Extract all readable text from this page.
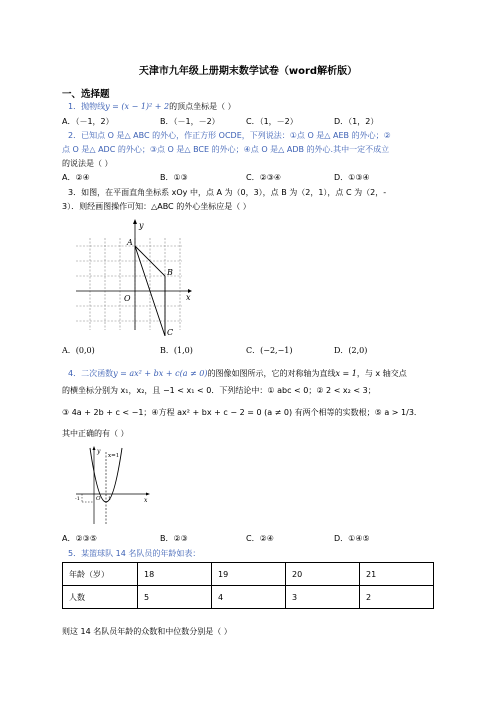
天津市九年级上册期末数学试卷（word解析版）
一、选择题
1．抛物线y = (x − 1)² + 2的顶点坐标是（ ）
A．（－1，2）	B．（－1，－2）	C．（1，－2）	D．（1，2）
2．已知点 O 是△ ABC 的外心，作正方形 OCDE，下列说法：①点 O 是△ AEB 的外心；②
点 O 是△ ADC 的外心；③点 O 是△ BCE 的外心；④点 O 是△ ADB 的外心.其中一定不成立
的说法是（ ）
A．②④	B．①③	C．②③④	D．①③④
3．如图，在平面直角坐标系 xOy 中，点 A 为（0，3），点 B 为（2，1），点 C 为（2，-
3）．则经画图操作可知：△ABC 的外心坐标应是（ ）
y
x
A
B
C
O
A．(0,0)	B．(1,0)	C．(−2,−1)	D．(2,0)
4．二次函数y = ax² + bx + c(a ≠ 0)的图像如图所示，它的对称轴为直线x = 1，与 x 轴交点
的横坐标分别为 x₁，x₂，且 −1 < x₁ < 0．下列结论中：① abc < 0；② 2 < x₂ < 3；
③ 4a + 2b + c < −1；④方程 ax² + bx + c − 2 = 0 (a ≠ 0) 有两个相等的实数根；⑤ a > 1/3．
其中正确的有（ ）
y
x
x=1
O
-1	1
A．②③⑤	B．②③	C．②④	D．①④⑤
5．某篮球队 14 名队员的年龄如表：
年龄（岁）	18	19	20	21
人数	5	4	3	2
则这 14 名队员年龄的众数和中位数分别是（ ）
